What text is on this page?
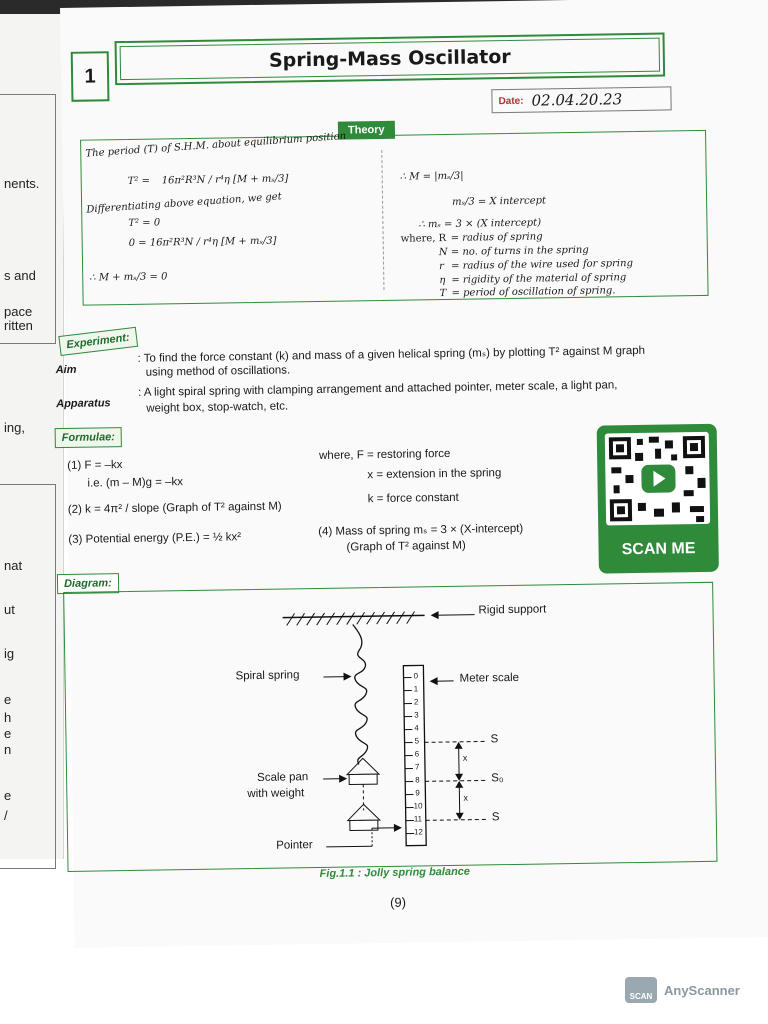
nents.
s and
pace
ritten
ing,
nat
ut
ig
e
h
e
n
e
/
1
Spring-Mass Oscillator
Date : 02.04.20.23
Theory
The period (T) of S.H.M. about equilibrium position
T² = 16π²R³N / r⁴η [M + mₛ/3]
Differentiating above equation, we get
T² = 0
0 = 16π²R³N / r⁴η [M + mₛ/3]
∴ M + mₛ/3 = 0
∴ M = |mₛ/3|
mₛ/3 = X intercept
∴ mₛ = 3 × (X intercept)
where, R = radius of spring
N = no. of turns in the spring
r = radius of the wire used for spring
η = rigidity of the material of spring
T = period of oscillation of spring.
Experiment:
Aim
: To find the force constant (k) and mass of a given helical spring (mₛ) by plotting T² against M graph
using method of oscillations.
Apparatus
: A light spiral spring with clamping arrangement and attached pointer, meter scale, a light pan,
weight box, stop-watch, etc.
Formulae:
(1) F = –kx
i.e. (m – M)g = –kx
(2) k = 4π² / slope (Graph of T² against M)
(3) Potential energy (P.E.) = ½ kx²
where, F = restoring force
x = extension in the spring
k = force constant
(4) Mass of spring mₛ = 3 × (X-intercept)
(Graph of T² against M)	SCAN ME
Diagram:
Rigid support
Spiral spring	Meter scale
Scale pan
with weight
Pointer
S
S₀
S
x
x
0
1
2
3
4
5
6
7
8
9
10
11
12
Fig.1.1 : Jolly spring balance
(9)
SCAN AnyScanner
